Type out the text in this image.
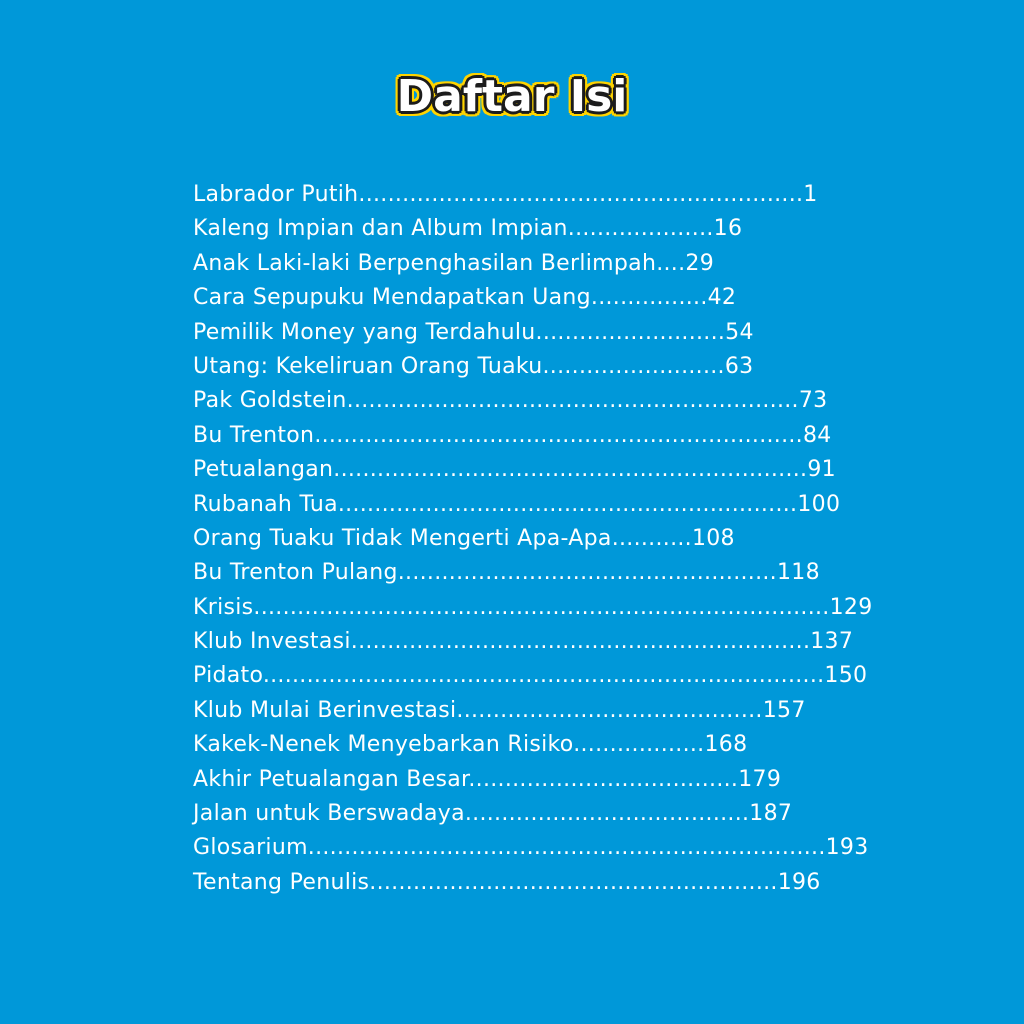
Daftar Isi
Labrador Putih.............................................................1
Kaleng Impian dan Album Impian....................16
Anak Laki-laki Berpenghasilan Berlimpah....29
Cara Sepupuku Mendapatkan Uang................42
Pemilik Money yang Terdahulu..........................54
Utang: Kekeliruan Orang Tuaku.........................63
Pak Goldstein..............................................................73
Bu Trenton...................................................................84
Petualangan.................................................................91
Rubanah Tua...............................................................100
Orang Tuaku Tidak Mengerti Apa-Apa...........108
Bu Trenton Pulang....................................................118
Krisis...............................................................................129
Klub Investasi...............................................................137
Pidato.............................................................................150
Klub Mulai Berinvestasi..........................................157
Kakek-Nenek Menyebarkan Risiko..................168
Akhir Petualangan Besar.....................................179
Jalan untuk Berswadaya.......................................187
Glosarium.......................................................................193
Tentang Penulis........................................................196
